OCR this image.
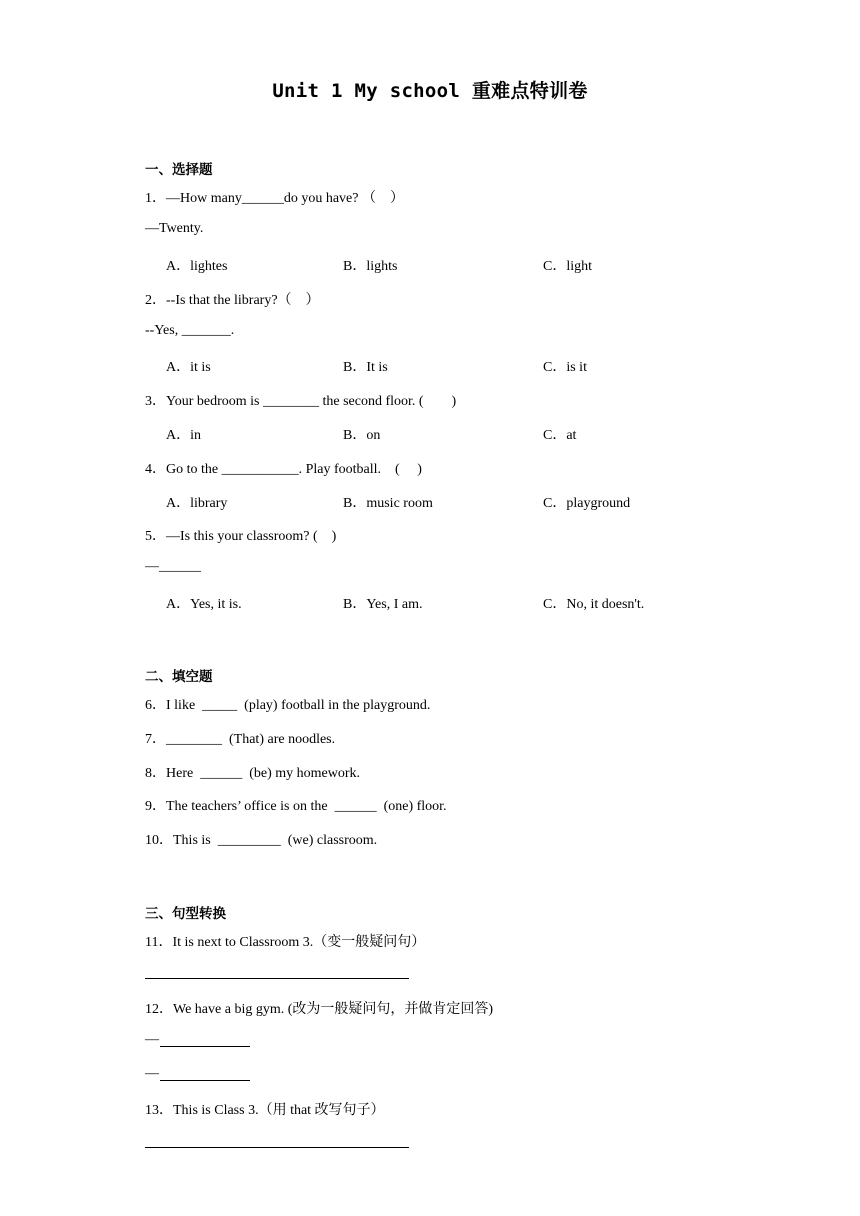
Unit 1 My school 重难点特训卷
一、选择题
1．—How many______do you have? （　）
—Twenty.
A．lightes	B．lights	C．light
2．--Is that the library?（　）
--Yes, _______.
A．it is	B．It is	C．is it
3．Your bedroom is ________ the second floor. (　　)
A．in	B．on	C．at
4．Go to the ___________. Play football.　(　 )
A．library	B．music room	C．playground
5．—Is this your classroom? (　)
—______
A．Yes, it is.	B．Yes, I am.	C．No, it doesn't.
二、填空题
6．I like  _____  (play) football in the playground.
7．________  (That) are noodles.
8．Here  ______  (be) my homework.
9．The teachers’ office is on the  ______  (one) floor.
10．This is  _________  (we) classroom.
三、句型转换
11．It is next to Classroom 3.（变一般疑问句）
12．We have a big gym. (改为一般疑问句，并做肯定回答)
—
—
13．This is Class 3.（用 that 改写句子）
